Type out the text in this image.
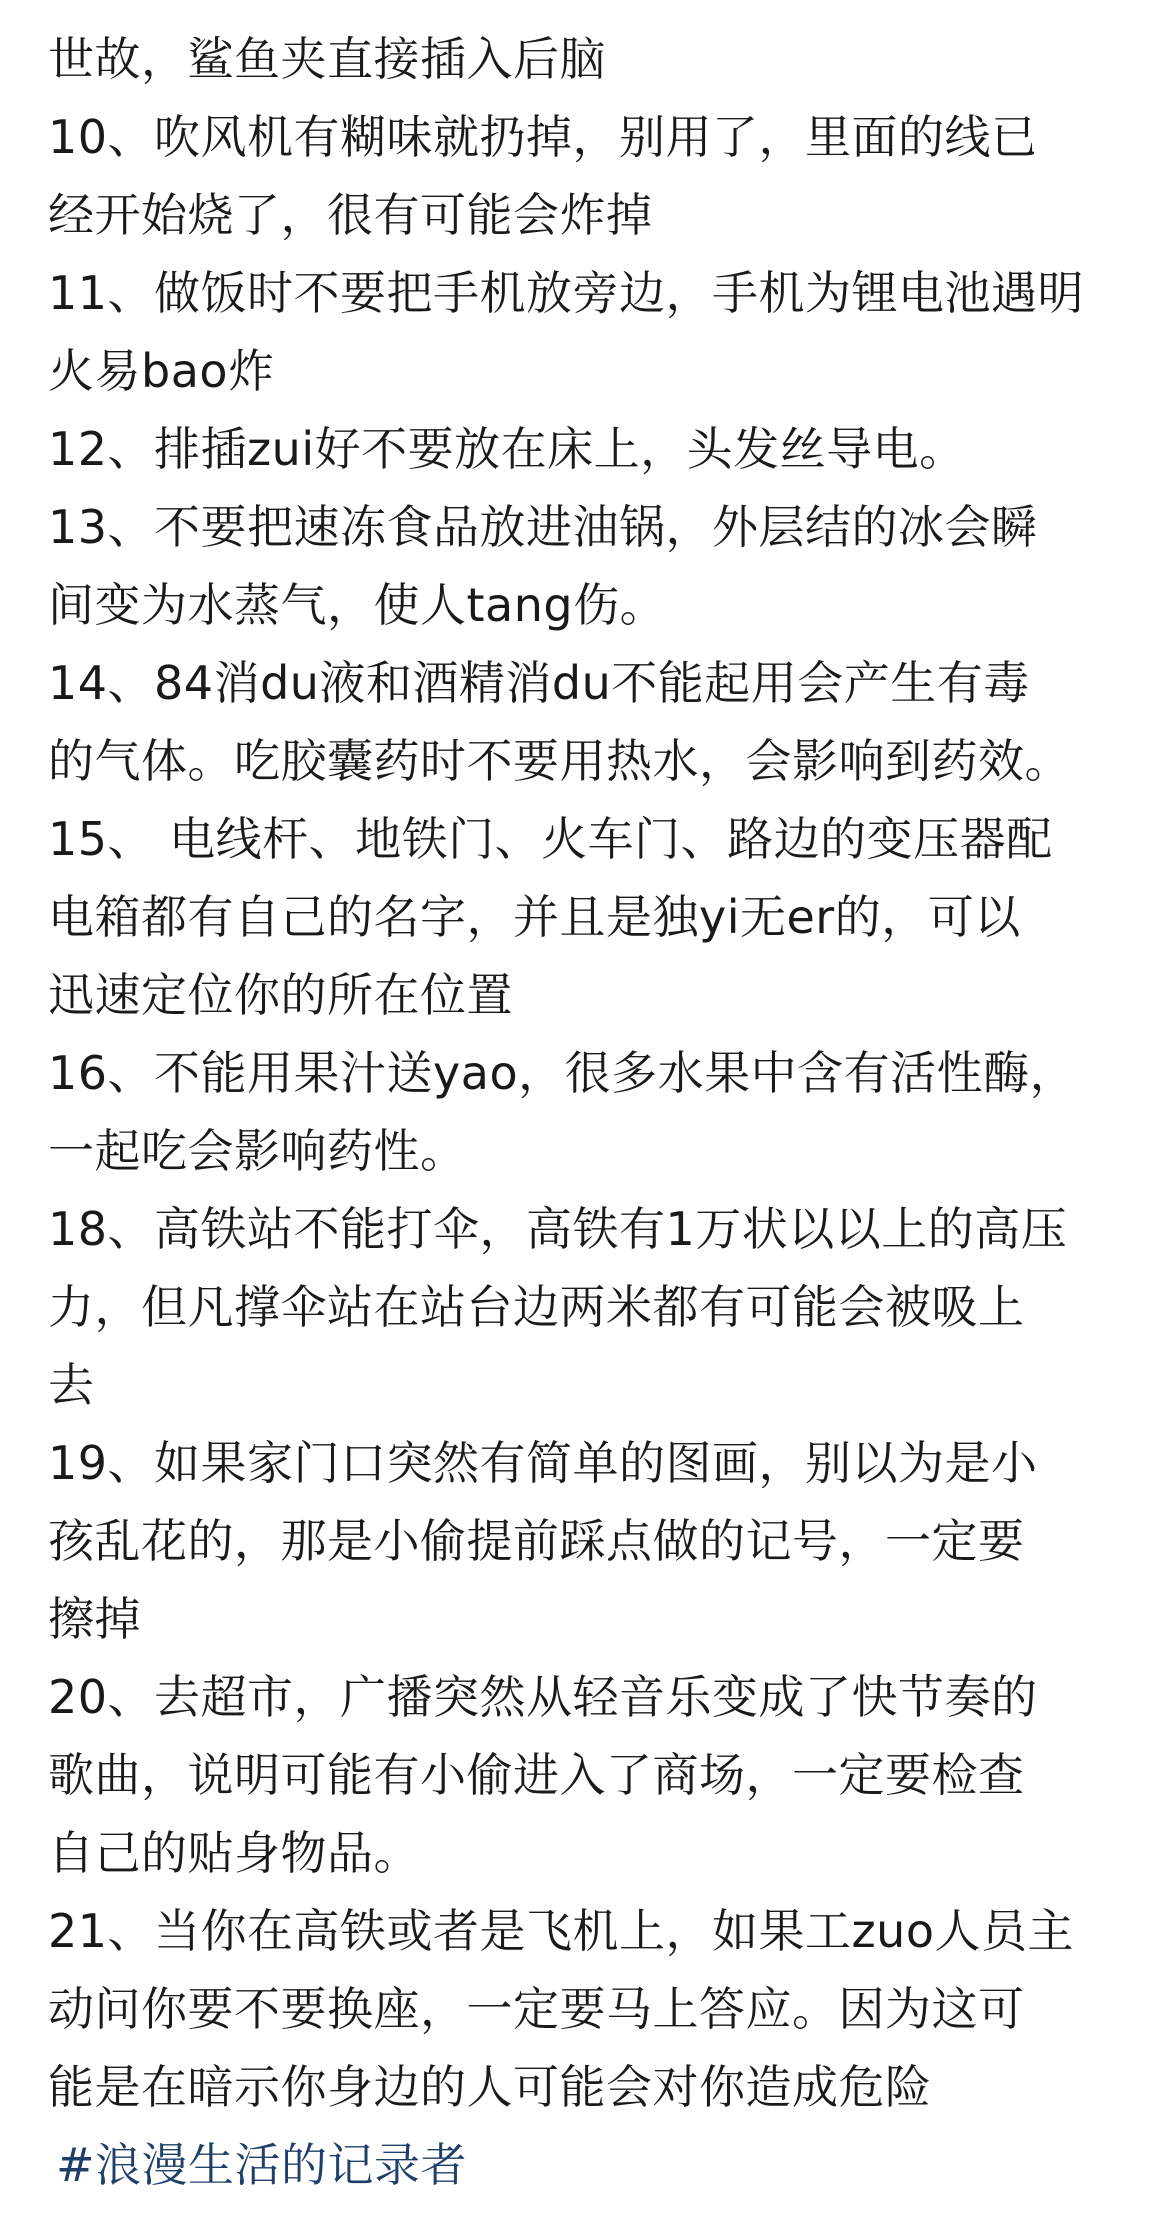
世故，鲨鱼夹直接插入后脑
10、吹风机有糊味就扔掉，别用了，里面的线已
经开始烧了，很有可能会炸掉
11、做饭时不要把手机放旁边，手机为锂电池遇明
火易bao炸
12、排插zui好不要放在床上，头发丝导电。
13、不要把速冻食品放进油锅，外层结的冰会瞬
间变为水蒸气，使人tang伤。
14、84消du液和酒精消du不能起用会产生有毒
的气体。吃胶囊药时不要用热水，会影响到药效。
15、 电线杆、地铁门、火车门、路边的变压器配
电箱都有自己的名字，并且是独yi无er的，可以
迅速定位你的所在位置
16、不能用果汁送yao，很多水果中含有活性酶，
一起吃会影响药性。
18、高铁站不能打伞，高铁有1万状以以上的高压
力，但凡撑伞站在站台边两米都有可能会被吸上
去
19、如果家门口突然有简单的图画，别以为是小
孩乱花的，那是小偷提前踩点做的记号，一定要
擦掉
20、去超市，广播突然从轻音乐变成了快节奏的
歌曲，说明可能有小偷进入了商场，一定要检查
自己的贴身物品。
21、当你在高铁或者是飞机上，如果工zuo人员主
动问你要不要换座，一定要马上答应。因为这可
能是在暗示你身边的人可能会对你造成危险
#浪漫生活的记录者
